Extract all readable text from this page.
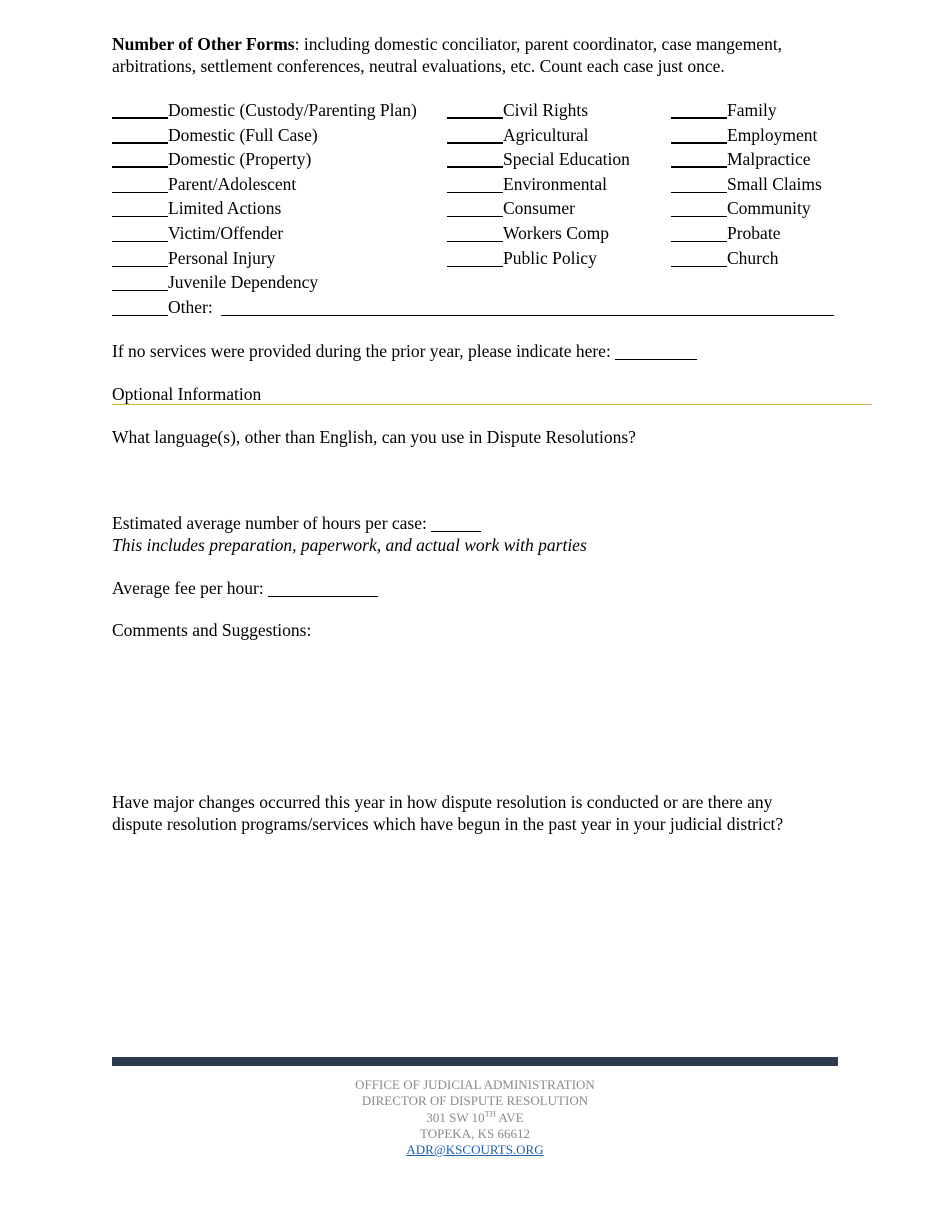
Number of Other Forms: including domestic conciliator, parent coordinator, case mangement,
arbitrations, settlement conferences, neutral evaluations, etc. Count each case just once.

Domestic (Custody/Parenting Plan)	Civil Rights	Family
Domestic (Full Case)	Agricultural	Employment
Domestic (Property)	Special Education	Malpractice
Parent/Adolescent	Environmental	Small Claims
Limited Actions	Consumer	Community
Victim/Offender	Workers Comp	Probate
Personal Injury	Public Policy	Church
Juvenile Dependency
Other:
If no services were provided during the prior year, please indicate here:
Optional Information
What language(s), other than English, can you use in Dispute Resolutions?
Estimated average number of hours per case:
This includes preparation, paperwork, and actual work with parties
Average fee per hour:
Comments and Suggestions:
Have major changes occurred this year in how dispute resolution is conducted or are there any
dispute resolution programs/services which have begun in the past year in your judicial district?
OFFICE OF JUDICIAL ADMINISTRATION
DIRECTOR OF DISPUTE RESOLUTION
301 SW 10TH AVE
TOPEKA, KS 66612
ADR@KSCOURTS.ORG
